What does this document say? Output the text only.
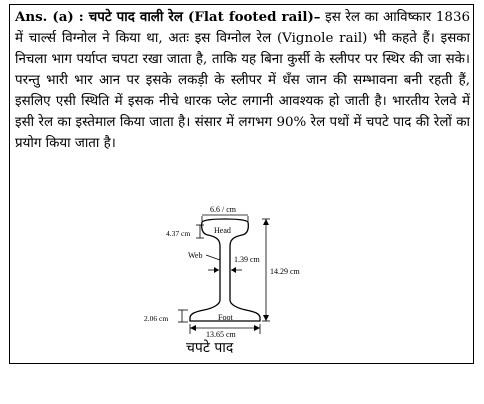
Ans. (a) : चपटे पाद वाली रेल (Flat footed rail)– इस रेल का आविष्कार 1836 में चार्ल्स विग्नोल ने किया था, अतः इस विग्नोल रेल (Vignole rail) भी कहते हैं। इसका निचला भाग पर्याप्त चपटा रखा जाता है, ताकि यह बिना कुर्सी के स्लीपर पर स्थिर की जा सके। परन्तु भारी भार आन पर इसके लकड़ी के स्लीपर में धँस जान की सम्भावना बनी रहती हैं, इसलिए एसी स्थिति में इसक नीचे धारक प्लेट लगानी आवश्यक हो जाती है। भारतीय रेलवे में इसी रेल का इस्तेमाल किया जाता है। संसार में लगभग 90% रेल पथों में चपटे पाद की रेलों का प्रयोग किया जाता है।
6.6 / cm
Head
4.37 cm
Web	1.39 cm
14.29 cm
Foot
2.06 cm
13.65 cm
चपटे पाद
